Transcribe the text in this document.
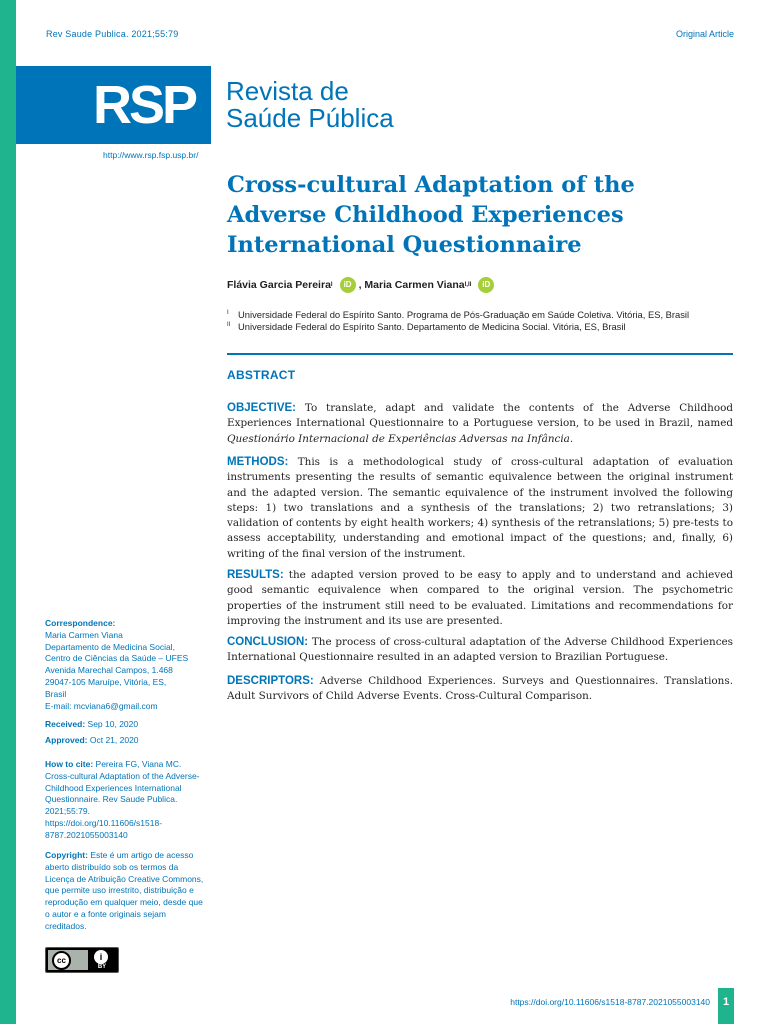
Rev Saude Publica. 2021;55:79	Original Article
RSP Revista de
Saúde Pública
http://www.rsp.fsp.usp.br/
Cross-cultural Adaptation of the
Adverse Childhood Experiences
International Questionnaire
Flávia Garcia Pereira I	iD ,
Maria Carmen Viana I,II	iD
I Universidade Federal do Espírito Santo. Programa de Pós-Graduação em Saúde Coletiva. Vitória, ES, Brasil
II Universidade Federal do Espírito Santo. Departamento de Medicina Social. Vitória, ES, Brasil
ABSTRACT

OBJECTIVE: To translate, adapt and validate the contents of the Adverse Childhood Experiences International Questionnaire to a Portuguese version, to be used in Brazil, named Questionário Internacional de Experiências Adversas na Infância.

METHODS: This is a methodological study of cross-cultural adaptation of evaluation instruments presenting the results of semantic equivalence between the original instrument and the adapted version. The semantic equivalence of the instrument involved the following steps: 1) two translations and a synthesis of the translations; 2) two retranslations; 3) validation of contents by eight health workers; 4) synthesis of the retranslations; 5) pre-tests to assess acceptability, understanding and emotional impact of the questions; and, finally, 6) writing of the final version of the instrument.

RESULTS: the adapted version proved to be easy to apply and to understand and achieved good semantic equivalence when compared to the original version. The psychometric properties of the instrument still need to be evaluated. Limitations and recommendations for improving the instrument and its use are presented.

CONCLUSION: The process of cross-cultural adaptation of the Adverse Childhood Experiences International Questionnaire resulted in an adapted version to Brazilian Portuguese.

DESCRIPTORS: Adverse Childhood Experiences. Surveys and Questionnaires. Translations. Adult Survivors of Child Adverse Events. Cross-Cultural Comparison.

Correspondence:
Maria Carmen Viana
Departamento de Medicina Social,
Centro de Ciências da Saúde – UFES
Avenida Marechal Campos, 1.468
29047-105 Maruípe, Vitória, ES,
Brasil
E-mail: mcviana6@gmail.com
Received: Sep 10, 2020
Approved: Oct 21, 2020
How to cite: Pereira FG, Viana MC. Cross-cultural Adaptation of the Adverse-Childhood Experiences International Questionnaire. Rev Saude Publica. 2021;55:79. https://doi.org/10.11606/s1518-8787.2021055003140
Copyright: Este é um artigo de acesso aberto distribuído sob os termos da Licença de Atribuição Creative Commons, que permite uso irrestrito, distribuição e reprodução em qualquer meio, desde que o autor e a fonte originais sejam creditados.
cc	i
BY
https://doi.org/10.11606/s1518-8787.2021055003140	1
